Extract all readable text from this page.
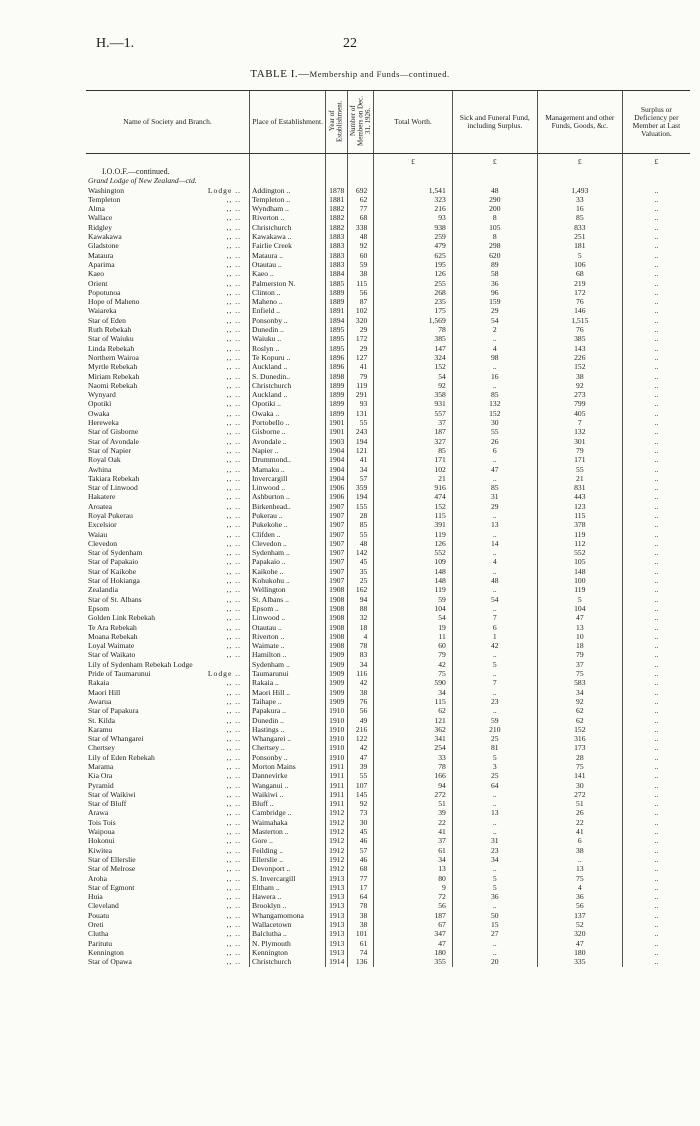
H.—1.	22
TABLE I.—Membership and Funds—continued.
Name of Society and Branch.	Place of Establishment.	Year of Establishment.	Number of Members on Dec. 31, 1926.	Total Worth.	Sick and Funeral Fund, including Surplus.	Management and other Funds, Goods, &c.	Surplus or Deficiency per Member at Last Valuation.
				£	£	£	£
I.O.O.F.—continued.							
Grand Lodge of New Zealand—ctd.							

Washington Lodge ..	Addington ..	1878	692	1,541	48	1,493	..

Templeton ,, ..	Templeton ..	1881	62	323	290	33	..

Alma ,, ..	Wyndham ..	1882	77	216	200	16	..

Wallace ,, ..	Riverton ..	1882	68	93	8	85	..

Ridgley ,, ..	Christchurch	1882	338	938	105	833	..

Kawakawa ,, ..	Kawakawa ..	1883	48	259	8	251	..

Gladstone ,, ..	Fairlie Creek	1883	92	479	298	181	..

Mataura ,, ..	Mataura ..	1883	60	625	620	5	..

Aparima ,, ..	Otautau ..	1883	59	195	89	106	..

Kaeo ,, ..	Kaeo ..	1884	38	126	58	68	..

Orient ,, ..	Palmerston N.	1885	115	255	36	219	..

Popotunoa ,, ..	Clinton ..	1889	56	268	96	172	..

Hope of Maheno ,, ..	Maheno ..	1889	87	235	159	76	..

Waiareka ,, ..	Enfield ..	1891	102	175	29	146	..

Star of Eden ,, ..	Ponsonby ..	1894	320	1,569	54	1,515	..

Ruth Rebekah ,, ..	Dunedin ..	1895	29	78	2	76	..

Star of Waiuku ,, ..	Waiuku ..	1895	172	385	..	385	..

Linda Rebekah ,, ..	Roslyn ..	1895	29	147	4	143	..

Northern Wairoa ,, ..	Te Kopuru ..	1896	127	324	98	226	..

Myrtle Rebekah ,, ..	Auckland ..	1896	41	152	..	152	..

Miriam Rebekah ,, ..	S. Dunedin..	1898	79	54	16	38	..

Naomi Rebekah ,, ..	Christchurch	1899	119	92	..	92	..

Wynyard ,, ..	Auckland ..	1899	291	358	85	273	..

Opotiki ,, ..	Opotiki ..	1899	93	931	132	799	..

Owaka ,, ..	Owaka ..	1899	131	557	152	405	..

Hereweka ,, ..	Portobello ..	1901	55	37	30	7	..

Star of Gisborne ,, ..	Gisborne ..	1901	243	187	55	132	..

Star of Avondale ,, ..	Avondale ..	1903	194	327	26	301	..

Star of Napier ,, ..	Napier ..	1904	121	85	6	79	..

Royal Oak ,, ..	Drummond..	1904	41	171	..	171	..

Awhina ,, ..	Mamaku ..	1904	34	102	47	55	..

Takiara Rebekah ,, ..	Invercargill	1904	57	21	..	21	..

Star of Linwood ,, ..	Linwood ..	1906	359	916	85	831	..

Hakatere ,, ..	Ashburton ..	1906	194	474	31	443	..

Aroatea ,, ..	Birkenhead..	1907	155	152	29	123	..

Royal Pukerau ,, ..	Pukerau ..	1907	28	115	..	115	..

Excelsior ,, ..	Pukekohe ..	1907	85	391	13	378	..

Waiau ,, ..	Clifden ..	1907	55	119	..	119	..

Clevedon ,, ..	Clevedon ..	1907	48	126	14	112	..

Star of Sydenham ,, ..	Sydenham ..	1907	142	552	..	552	..

Star of Papakaio ,, ..	Papakaio ..	1907	45	109	4	105	..

Star of Kaikohe ,, ..	Kaikohe ..	1907	35	148	..	148	..

Star of Hokianga ,, ..	Kohukohu ..	1907	25	148	48	100	..

Zealandia ,, ..	Wellington	1908	162	119	..	119	..

Star of St. Albans ,, ..	St. Albans ..	1908	94	59	54	5	..

Epsom ,, ..	Epsom ..	1908	88	104	..	104	..

Golden Link Rebekah ,, ..	Linwood ..	1908	32	54	7	47	..

Te Ara Rebekah ,, ..	Otautau ..	1908	18	19	6	13	..

Moana Rebekah ,, ..	Riverton ..	1908	4	11	1	10	..

Loyal Waimate ,, ..	Waimate ..	1908	78	60	42	18	..

Star of Waikato ,, ..	Hamilton ..	1909	83	79	..	79	..

Lily of Sydenham Rebekah Lodge	Sydenham ..	1909	34	42	5	37	..

Pride of Taumarunui Lodge ..	Taumarunui	1909	116	75	..	75	..

Rakaia ,, ..	Rakaia ..	1909	42	590	7	583	..

Maori Hill ,, ..	Maori Hill ..	1909	38	34	..	34	..

Awarua ,, ..	Taihape ..	1909	76	115	23	92	..

Star of Papakura ,, ..	Papakura ..	1910	56	62	..	62	..

St. Kilda ,, ..	Dunedin ..	1910	49	121	59	62	..

Karamu ,, ..	Hastings ..	1910	216	362	210	152	..

Star of Whangarei ,, ..	Whangarei ..	1910	122	341	25	316	..

Chertsey ,, ..	Chertsey ..	1910	42	254	81	173	..

Lily of Eden Rebekah ,, ..	Ponsonby ..	1910	47	33	5	28	..

Marama ,, ..	Morton Mains	1911	39	78	3	75	..

Kia Ora ,, ..	Dannevirke	1911	55	166	25	141	..

Pyramid ,, ..	Wanganui ..	1911	107	94	64	30	..

Star of Waikiwi ,, ..	Waikiwi ..	1911	145	272	..	272	..

Star of Bluff ,, ..	Bluff ..	1911	92	51	..	51	..

Arawa ,, ..	Cambridge ..	1912	73	39	13	26	..

Tois Tois ,, ..	Waimahaka	1912	30	22	..	22	..

Waipoua ,, ..	Masterton ..	1912	45	41	..	41	..

Hokonui ,, ..	Gore ..	1912	46	37	31	6	..

Kiwitea ,, ..	Feilding ..	1912	57	61	23	38	..

Star of Ellerslie ,, ..	Ellerslie ..	1912	46	34	34	..	..

Star of Melrose ,, ..	Devonport ..	1912	68	13	..	13	..

Aroha ,, ..	S. Invercargill	1913	77	80	5	75	..

Star of Egmont ,, ..	Eltham ..	1913	17	9	5	4	..

Huia ,, ..	Hawera ..	1913	64	72	36	36	..

Cleveland ,, ..	Brooklyn ..	1913	78	56	..	56	..

Pouatu ,, ..	Whangamomona	1913	38	187	50	137	..

Oreti ,, ..	Wallacetown	1913	38	67	15	52	..

Clutha ,, ..	Balclutha ..	1913	101	347	27	320	..

Paritutu ,, ..	N. Plymouth	1913	61	47	..	47	..

Kennington ,, ..	Kennington	1913	74	180	..	180	..

Star of Opawa ,, ..	Christchurch	1914	136	355	20	335	..
